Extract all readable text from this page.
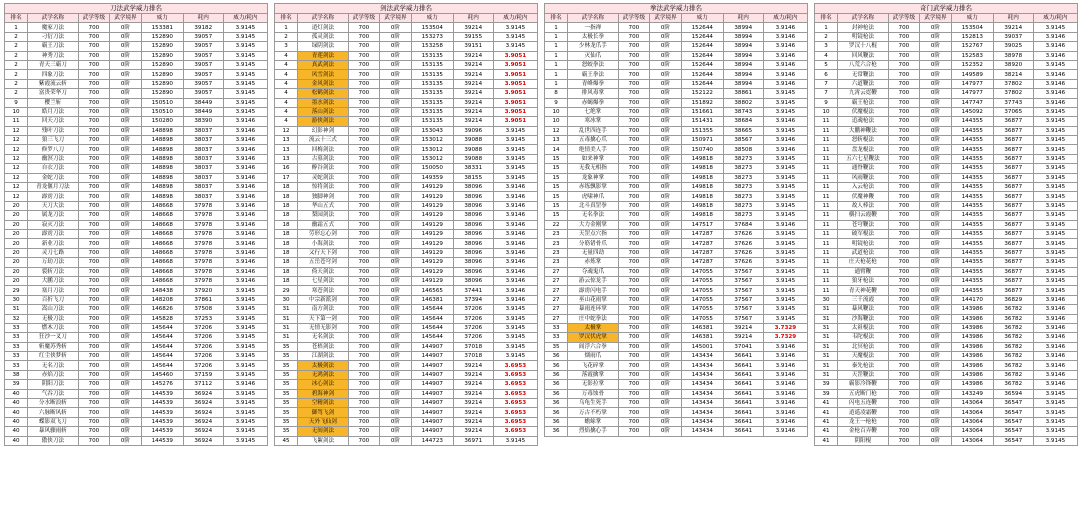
刀法武学威力排名
排名	武学名称	武学等级	武学境界	威力	耗内	威力/耗内
1	魔家刀法	700	0阶	153381	39182	3.9145
2	刁衍刀法	700	0阶	152890	39057	3.9145
2	霸王刀法	700	0阶	152890	39057	3.9145
2	神秀刀法	700	0阶	152890	39057	3.9145
2	青天三霸刀	700	0阶	152890	39057	3.9145
2	四象刀法	700	0阶	152890	39057	3.9145
2	紫霞流云斩	700	0阶	152890	39057	3.9145
2	富贵荣华刀	700	0阶	152890	39057	3.9145
9	樱兰斩	700	0阶	150510	38449	3.9145
10	皓月刀法	700	0阶	150510	38449	3.9145
11	回天刀法	700	0阶	150280	38390	3.9146
12	残叶刀法	700	0阶	148898	38037	3.9146
12	狼三飞刀	700	0阶	148898	38037	3.9146
12	修罗八刀	700	0阶	148898	38037	3.9146
12	幽溟刀法	700	0阶	148898	38037	3.9146
12	自衣刀法	700	0阶	148898	38037	3.9146
12	金蛇刀法	700	0阶	148898	38037	3.9146
12	青龙偃月刀法	700	0阶	148898	38037	3.9146
12	霹雳刀法	700	0阶	148898	38037	3.9146
20	天刀大法	700	0阶	148668	37978	3.9146
20	属龙刀法	700	0阶	148668	37978	3.9146
20	寂灭刀法	700	0阶	148668	37978	3.9146
20	霹雳刀法	700	0阶	148668	37978	3.9146
20	新业刀法	700	0阶	148668	37978	3.9146
20	灵刀七路	700	0阶	148668	37978	3.9146
20	万劫刀法	700	0阶	148668	37978	3.9146
20	裂斩刀法	700	0阶	148668	37978	3.9146
20	大鹏刀法	700	0阶	148668	37978	3.9146
29	塞月刀法	700	0阶	148438	37920	3.9145
30	百折飞刀	700	0阶	148208	37861	3.9145
31	嵩山刀法	700	0阶	146826	37508	3.9145
32	无极刀法	700	0阶	145828	37253	3.9145
33	燃木刀法	700	0阶	145644	37206	3.9145
33	狂沙一叉刀	700	0阶	145644	37206	3.9145
33	斩魔苏秀斩	700	0阶	145644	37206	3.9145
33	红尘侠梦斩	700	0阶	145644	37206	3.9145
33	无名刀法	700	0阶	145644	37206	3.9145
38	赤焰刀法	700	0阶	145460	37159	3.9145
39	阴阳刀法	700	0阶	145276	37112	3.9146
40	气吞刀法	700	0阶	144539	36924	3.9145
40	分水断浪斩	700	0阶	144539	36924	3.9145
40	六脉断风斩	700	0阶	144539	36924	3.9145
40	蝶影双飞刀	700	0阶	144539	36924	3.9145
40	暴风骤雨斩	700	0阶	144539	36924	3.9145
40	傲侠刀法	700	0阶	144539	36924	3.9145
剑法武学威力排名
排名	武学名称	武学等级	武学境界	威力	耗内	威力/耗内
1	逍灯剑法	700	0阶	153504	39214	3.9145
2	孤灵剑法	700	0阶	153273	39155	3.9145
3	绿阴剑法	700	0阶	153258	39151	3.9145
4	青莲剑法	700	0阶	153135	39214	3.9051
4	真武剑法	700	0阶	153135	39214	3.9051
4	风雪剑法	700	0阶	153135	39214	3.9051
4	金风剑法	700	0阶	153135	39214	3.9051
4	松鹤剑法	700	0阶	153135	39214	3.9051
4	墨水剑法	700	0阶	153135	39214	3.9051
4	落山剑法	700	0阶	153135	39214	3.9051
4	游侠剑法	700	0阶	153135	39214	3.9051
12	幻影神剑	700	0阶	153043	39096	3.9145
13	流云十三式	700	0阶	153012	39088	3.9145
13	回梅剑法	700	0阶	153012	39088	3.9145
13	古墓剑法	700	0阶	153012	39088	3.9145
16	醉谷剑法	700	0阶	150050	38331	3.9145
17	灵蛇剑法	700	0阶	149359	38155	3.9145
18	惊将剑法	700	0阶	149129	38096	3.9146
18	独脚神剑	700	0阶	149129	38096	3.9146
18	华山五式	700	0阶	149129	38096	3.9146
18	梨园剑法	700	0阶	149129	38096	3.9146
18	幽霜五式	700	0阶	149129	38096	3.9146
18	劳形忘心剑	700	0阶	149129	38096	3.9146
18	小海剑法	700	0阶	149129	38096	3.9146
18	又行天下剑	700	0阶	149129	38096	3.9146
18	五岳苍穹剑	700	0阶	149129	38096	3.9146
18	倚天剑法	700	0阶	149129	38096	3.9146
18	七星剑法	700	0阶	149129	38096	3.9146
29	寒苍剑法	700	0阶	146565	37441	3.9146
30	中宗新派剑	700	0阶	146381	37394	3.9146
31	南方剑法	700	0阶	145644	37206	3.9145
31	天下第一剑	700	0阶	145644	37206	3.9145
31	无情无影剑	700	0阶	145644	37206	3.9145
31	无名剑法	700	0阶	145644	37206	3.9145
35	苍梧剑法	700	0阶	144907	37018	3.9145
35	江湖剑法	700	0阶	144907	37018	3.9145
35	太极剑法	700	0阶	144907	39214	3.6953
35	无鸿剑法	700	0阶	144907	39214	3.6953
35	冰心剑法	700	0阶	144907	39214	3.6953
35	碧海神剑	700	0阶	144907	39214	3.6953
35	空精剑法	700	0阶	144907	39214	3.6953
35	御驾飞剑	700	0阶	144907	39214	3.6953
35	天外飞仙剑	700	0阶	144907	39214	3.6953
35	无间剑法	700	0阶	144907	39214	3.6953
45	飞絮剑法	700	0阶	144723	36971	3.9145
拳法武学威力排名
排名	武学名称	武学等级	武学境界	威力	耗内	威力/耗内
1	一指禅	700	0阶	152644	38994	3.9146
1	太极长拳	700	0阶	152644	38994	3.9146
1	少林龙爪手	700	0阶	152644	38994	3.9146
1	灭仙爪	700	0阶	152644	38994	3.9146
1	怒蛟拳法	700	0阶	152644	38994	3.9146
1	霸王拳法	700	0阶	152644	38994	3.9146
1	青峰爆拳	700	0阶	152644	38994	3.9146
8	排风毒掌	700	0阶	152122	38861	3.9145
9	赤蝎爆拳	700	0阶	151892	38802	3.9145
10	七绝掌	700	0阶	151661	38743	3.9145
10	寒冰掌	700	0阶	151431	38684	3.9146
12	乱世四连手	700	0阶	151355	38665	3.9145
13	五毒擒心爪	700	0阶	150971	38567	3.9146
14	绝情美人手	700	0阶	150740	38508	3.9146
15	如来神掌	700	0阶	149818	38273	3.9145
15	无我无相指	700	0阶	149818	38273	3.9145
15	龙象神掌	700	0阶	149818	38273	3.9145
15	赤练飘影掌	700	0阶	149818	38273	3.9145
15	虎啸神爪	700	0阶	149818	38273	3.9145
15	北斗真罡拳	700	0阶	149818	38273	3.9145
15	无名拳法	700	0阶	149818	38273	3.9145
22	大力金刚掌	700	0阶	147517	37684	3.9146
23	天罡点穴指	700	0阶	147287	37626	3.9145
23	分筋错骨爪	700	0阶	147287	37626	3.9145
23	无量四劫	700	0阶	147287	37626	3.9145
23	赤炼掌	700	0阶	147287	37626	3.9145
27	夺魂鬼爪	700	0阶	147055	37567	3.9145
27	游云惊龙手	700	0阶	147055	37567	3.9145
27	霹雳闪电手	700	0阶	147055	37567	3.9145
27	巫山花雨掌	700	0阶	147055	37567	3.9145
27	暴雨连环掌	700	0阶	147055	37567	3.9145
27	庄中蛇拳法	700	0阶	147055	37567	3.9145
33	太极掌	700	0阶	146381	39214	3.7329
33	罗汉伏虎掌	700	0阶	146381	39214	3.7329
35	阎浮六合拳	700	0阶	145001	37041	3.9146
36	烟雨爪	700	0阶	143434	36641	3.9146
36	飞花碎掌	700	0阶	143434	36641	3.9146
36	落霞擒掌	700	0阶	143434	36641	3.9146
36	无影拉掌	700	0阶	143434	36641	3.9146
36	万毒蚀骨	700	0阶	143434	36641	3.9146
36	乌龟生死手	700	0阶	143434	36641	3.9146
36	万古不朽掌	700	0阶	143434	36641	3.9146
36	蟾蜍掌	700	0阶	143434	36641	3.9146
36	烈焰擒心手	700	0阶	143434	36641	3.9146
奇门武学威力排名
排名	武学名称	武学等级	武学境界	威力	耗内	威力/耗内
1	封神枪法	700	0阶	153504	39214	3.9145
2	明镜枪法	700	0阶	152813	39037	3.9146
3	罗汉十八棍	700	0阶	152767	39025	3.9146
4	回风鞭法	700	0阶	152583	38978	3.9146
5	八荒六合枪	700	0阶	152352	38920	3.9145
6	无常鞭法	700	0阶	149589	38214	3.9146
7	六道鞭法	700	0阶	147977	37802	3.9146
7	九霄云霓鞭	700	0阶	147977	37802	3.9146
9	霸王枪法	700	0阶	147747	37743	3.9146
10	伏魔棍法	700	0阶	145092	37065	3.9145
11	追魂枪法	700	0阶	144355	36877	3.9145
11	大鹏神鞭法	700	0阶	144355	36877	3.9145
11	怒斩棍法	700	0阶	144355	36877	3.9145
11	盘龙棍法	700	0阶	144355	36877	3.9145
11	五六七星鞭法	700	0阶	144355	36877	3.9145
11	通脊鞭法	700	0阶	144355	36877	3.9145
11	风雨鞭法	700	0阶	144355	36877	3.9145
11	入云枪法	700	0阶	144355	36877	3.9145
11	伏魔神鞭	700	0阶	144355	36877	3.9145
11	故人棒法	700	0阶	144355	36877	3.9145
11	横扫云霞鞭	700	0阶	144355	36877	3.9145
11	苍穹鞭法	700	0阶	144355	36877	3.9145
11	破军棍法	700	0阶	144355	36877	3.9145
11	明镜枪法	700	0阶	144355	36877	3.9145
11	武道枪法	700	0阶	144355	36877	3.9145
11	庄天枪花枪	700	0阶	144355	36877	3.9145
11	通臂鞭	700	0阶	144355	36877	3.9145
11	狼牙枪法	700	0阶	144355	36877	3.9145
11	青天神花鞭	700	0阶	144355	36877	3.9145
30	三千流霞	700	0阶	144170	36829	3.9146
31	暴风鞭法	700	0阶	143986	36782	3.9146
31	沙海鞭法	700	0阶	143986	36782	3.9146
31	太祖棍法	700	0阶	143986	36782	3.9146
31	韦陀棍法	700	0阶	143986	36782	3.9146
31	北冥枪法	700	0阶	143986	36782	3.9146
31	天魔棍法	700	0阶	143986	36782	3.9146
31	秦先枪法	700	0阶	143986	36782	3.9146
31	天罡鞭法	700	0阶	143986	36782	3.9146
39	霸影冷锋鞭	700	0阶	143986	36782	3.9146
39	五虎断门枪	700	0阶	143249	36594	3.9145
41	闪电五连鞭	700	0阶	143064	36547	3.9145
41	逍遥凌霜鞭	700	0阶	143064	36547	3.9145
41	龙王一枪枪	700	0阶	143064	36547	3.9145
41	金枪百弄鞭	700	0阶	143064	36547	3.9145
41	阴阳棍	700	0阶	143064	36547	3.9145
